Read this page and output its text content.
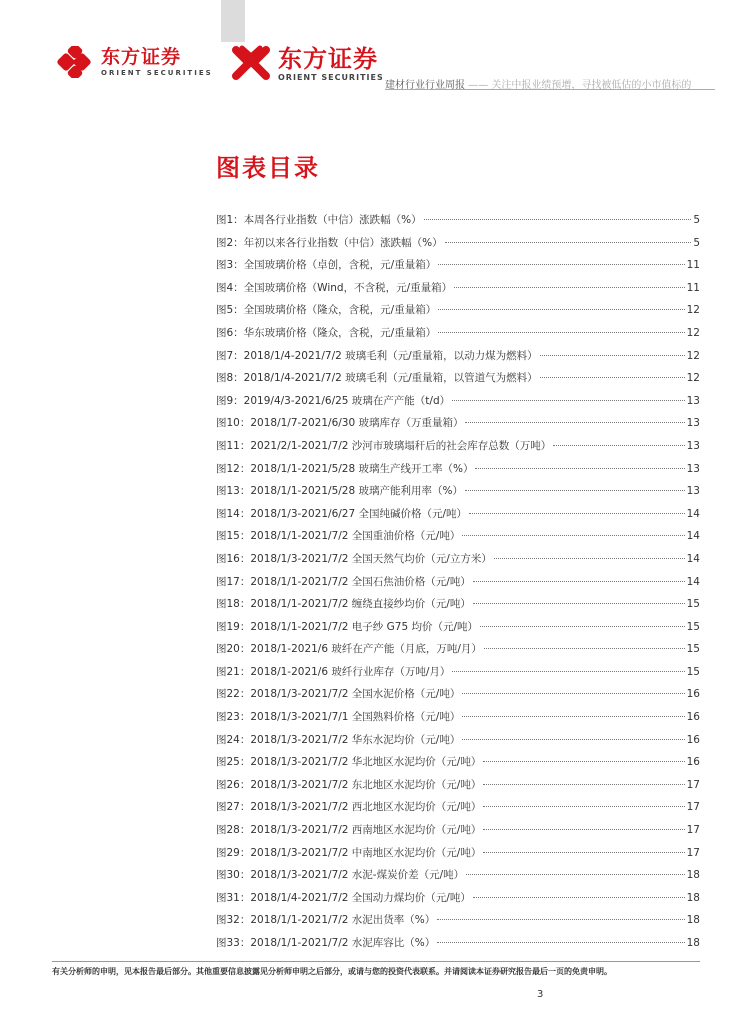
东方证券
ORIENT SECURITIES	东方证券
ORIENT SECURITIES
建材行业行业周报 —— 关注中报业绩预增，寻找被低估的小市值标的
图表目录
图1：本周各行业指数（中信）涨跌幅（%）	5
图2：年初以来各行业指数（中信）涨跌幅（%）	5
图3：全国玻璃价格（卓创，含税，元/重量箱）	11
图4：全国玻璃价格（Wind，不含税，元/重量箱）	11
图5：全国玻璃价格（隆众，含税，元/重量箱）	12
图6：华东玻璃价格（隆众，含税，元/重量箱）	12
图7：2018/1/4-2021/7/2 玻璃毛利（元/重量箱，以动力煤为燃料）	12
图8：2018/1/4-2021/7/2 玻璃毛利（元/重量箱，以管道气为燃料）	12
图9：2019/4/3-2021/6/25 玻璃在产产能（t/d）	13
图10：2018/1/7-2021/6/30 玻璃库存（万重量箱）	13
图11：2021/2/1-2021/7/2 沙河市玻璃塌秆后的社会库存总数（万吨）	13
图12：2018/1/1-2021/5/28 玻璃生产线开工率（%）	13
图13：2018/1/1-2021/5/28 玻璃产能利用率（%）	13
图14：2018/1/3-2021/6/27 全国纯碱价格（元/吨）	14
图15：2018/1/1-2021/7/2 全国重油价格（元/吨）	14
图16：2018/1/3-2021/7/2 全国天然气均价（元/立方米）	14
图17：2018/1/1-2021/7/2 全国石焦油价格（元/吨）	14
图18：2018/1/1-2021/7/2 缠绕直接纱均价（元/吨）	15
图19：2018/1/1-2021/7/2 电子纱 G75 均价（元/吨）	15
图20：2018/1-2021/6 玻纤在产产能（月底，万吨/月）	15
图21：2018/1-2021/6 玻纤行业库存（万吨/月）	15
图22：2018/1/3-2021/7/2 全国水泥价格（元/吨）	16
图23：2018/1/3-2021/7/1 全国熟料价格（元/吨）	16
图24：2018/1/3-2021/7/2 华东水泥均价（元/吨）	16
图25：2018/1/3-2021/7/2 华北地区水泥均价（元/吨）	16
图26：2018/1/3-2021/7/2 东北地区水泥均价（元/吨）	17
图27：2018/1/3-2021/7/2 西北地区水泥均价（元/吨）	17
图28：2018/1/3-2021/7/2 西南地区水泥均价（元/吨）	17
图29：2018/1/3-2021/7/2 中南地区水泥均价（元/吨）	17
图30：2018/1/3-2021/7/2 水泥-煤炭价差（元/吨）	18
图31：2018/1/4-2021/7/2 全国动力煤均价（元/吨）	18
图32：2018/1/1-2021/7/2 水泥出货率（%）	18
图33：2018/1/1-2021/7/2 水泥库容比（%）	18
有关分析师的申明，见本报告最后部分。其他重要信息披露见分析师申明之后部分，或请与您的投资代表联系。并请阅读本证券研究报告最后一页的免责申明。
3
